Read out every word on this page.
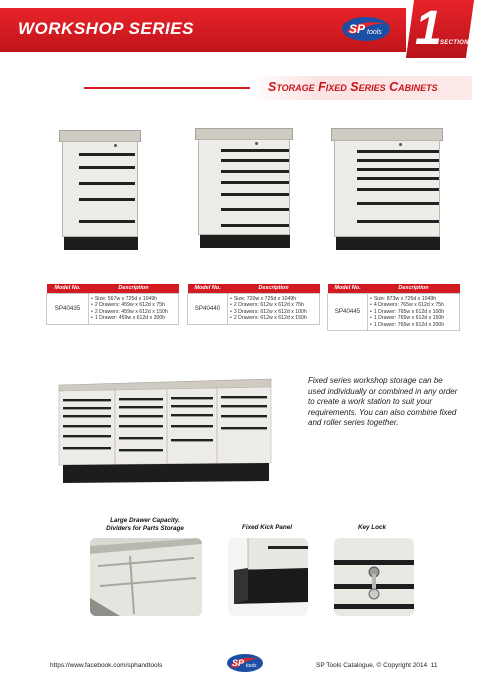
WORKSHOP SERIES	SP tools 1
SECTION
Storage Fixed Series Cabinets
Model No.	Description
SP40435	• Size: 567w x 725d x 1049h
• 2 Drawers: 459w x 612d x 75h
• 2 Drawers: 459w x 612d x 150h
• 1 Drawer: 459w x 612d x 300h
Model No.	Description
SP40440	• Size: 720w x 725d x 1049h
• 2 Drawers: 612w x 612d x 75h
• 3 Drawers: 612w x 612d x 100h
• 2 Drawers: 612w x 612d x 150h
Model No.	Description
SP40445	• Size: 873w x 725d x 1049h
• 4 Drawers: 765w x 612d x 75h
• 1 Drawer: 765w x 612d x 100h
• 1 Drawer: 765w x 612d x 150h
• 1 Drawer: 765w x 612d x 200h
Fixed series workshop storage can be used individually or combined in any order to create a work station to suit your requirements. You can also combine fixed and roller series together.
Large Drawer Capacity.
Dividers for Parts Storage	Fixed Kick Panel	Key Lock
https://www.facebook.com/sphandtools	SP tools	SP Tools Catalogue, © Copyright 2014 11
